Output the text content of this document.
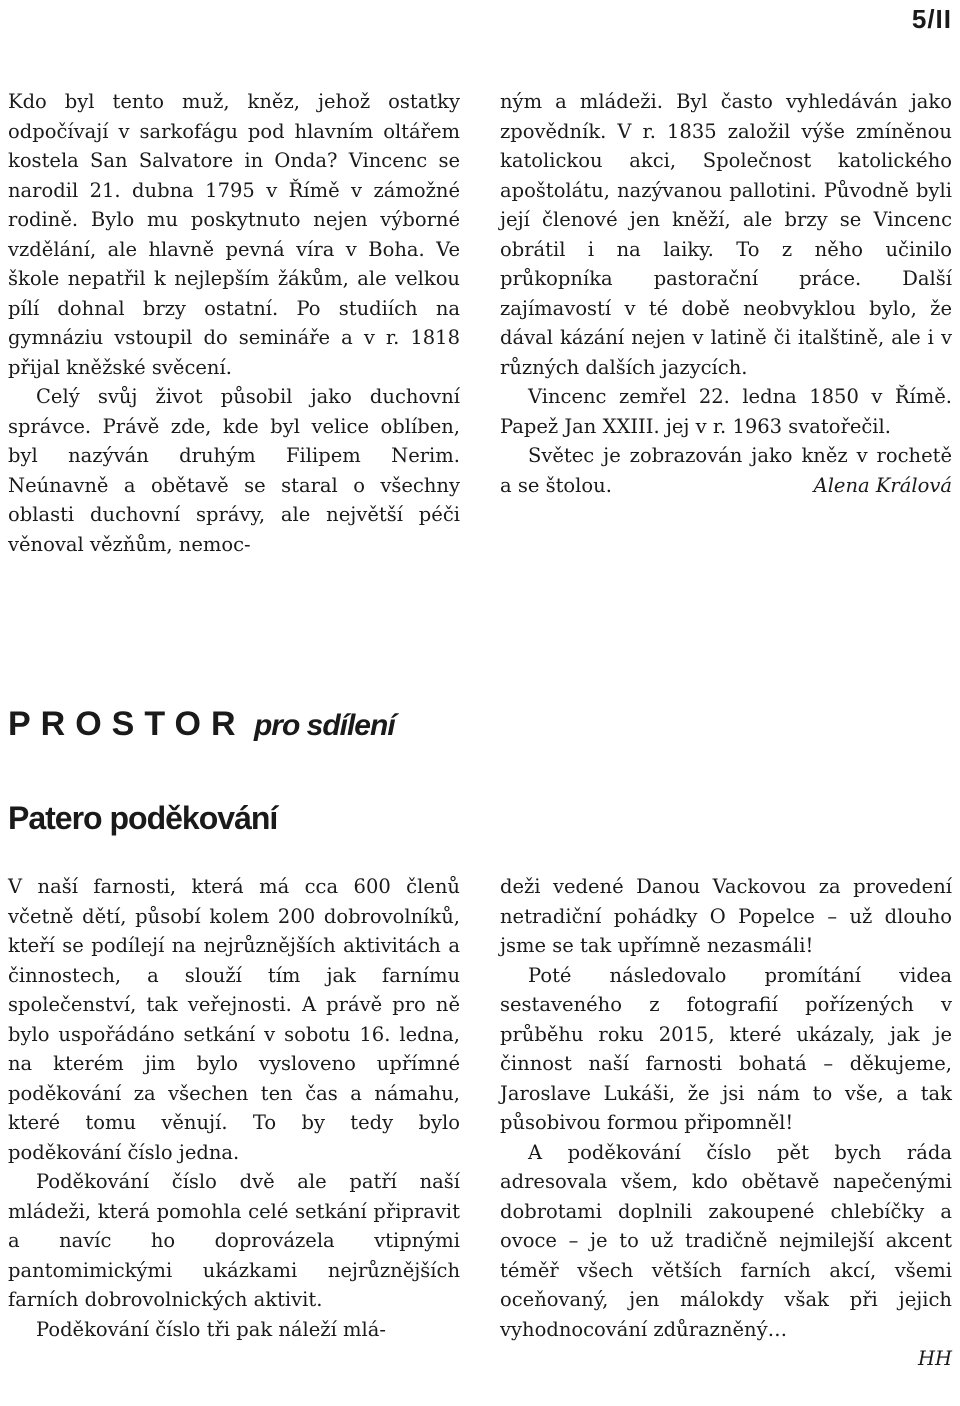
5/II

Kdo byl tento muž, kněz, jehož ostatky odpočívají v sarkofágu pod hlavním oltářem kostela San Salvatore in Onda? Vincenc se narodil 21. dubna 1795 v Římě v zámožné rodině. Bylo mu poskytnuto nejen výborné vzdělání, ale hlavně pevná víra v Boha. Ve škole nepatřil k nejlepším žákům, ale velkou pílí dohnal brzy ostatní. Po studiích na gymnáziu vstoupil do semináře a v r. 1818 přijal kněžské svěcení.

Celý svůj život působil jako duchovní správce. Právě zde, kde byl velice oblíben, byl nazýván druhým Filipem Nerim. Neúnavně a obětavě se staral o všechny oblasti duchovní správy, ale největší péči věnoval vězňům, nemoc-

ným a mládeži. Byl často vyhledáván jako zpovědník. V r. 1835 založil výše zmíněnou katolickou akci, Společnost katolického apoštolátu, nazývanou pallotini. Původně byli její členové jen kněží, ale brzy se Vincenc obrátil i na laiky. To z něho učinilo průkopníka pastorační práce. Další zajímavostí v té době neobvyklou bylo, že dával kázání nejen v latině či italštině, ale i v různých dalších jazycích.

Vincenc zemřel 22. ledna 1850 v Římě. Papež Jan XXIII. jej v r. 1963 svatořečil.

Světec je zobrazován jako kněz v rochetě a se štolou.	Alena Králová

PROSTOR pro sdílení
Patero poděkování

V naší farnosti, která má cca 600 členů včetně dětí, působí kolem 200 dobrovolníků, kteří se podílejí na nejrůznějších aktivitách a činnostech, a slouží tím jak farnímu společenství, tak veřejnosti. A právě pro ně bylo uspořádáno setkání v sobotu 16. ledna, na kterém jim bylo vysloveno upřímné poděkování za všechen ten čas a námahu, které tomu věnují. To by tedy bylo poděkování číslo jedna.

Poděkování číslo dvě ale patří naší mládeži, která pomohla celé setkání připravit a navíc ho doprovázela vtipnými pantomimickými ukázkami nejrůznějších farních dobrovolnických aktivit.

Poděkování číslo tři pak náleží mlá-

deži vedené Danou Vackovou za provedení netradiční pohádky O Popelce – už dlouho jsme se tak upřímně nezasmáli!

Poté následovalo promítání videa sestaveného z fotografií pořízených v průběhu roku 2015, které ukázaly, jak je činnost naší farnosti bohatá – děkujeme, Jaroslave Lukáši, že jsi nám to vše, a tak působivou formou připomněl!

A poděkování číslo pět bych ráda adresovala všem, kdo obětavě napečenými dobrotami doplnili zakoupené chlebíčky a ovoce – je to už tradičně nejmilejší akcent téměř všech větších farních akcí, všemi oceňovaný, jen málokdy však při jejich vyhodnocování zdůrazněný…

HH
